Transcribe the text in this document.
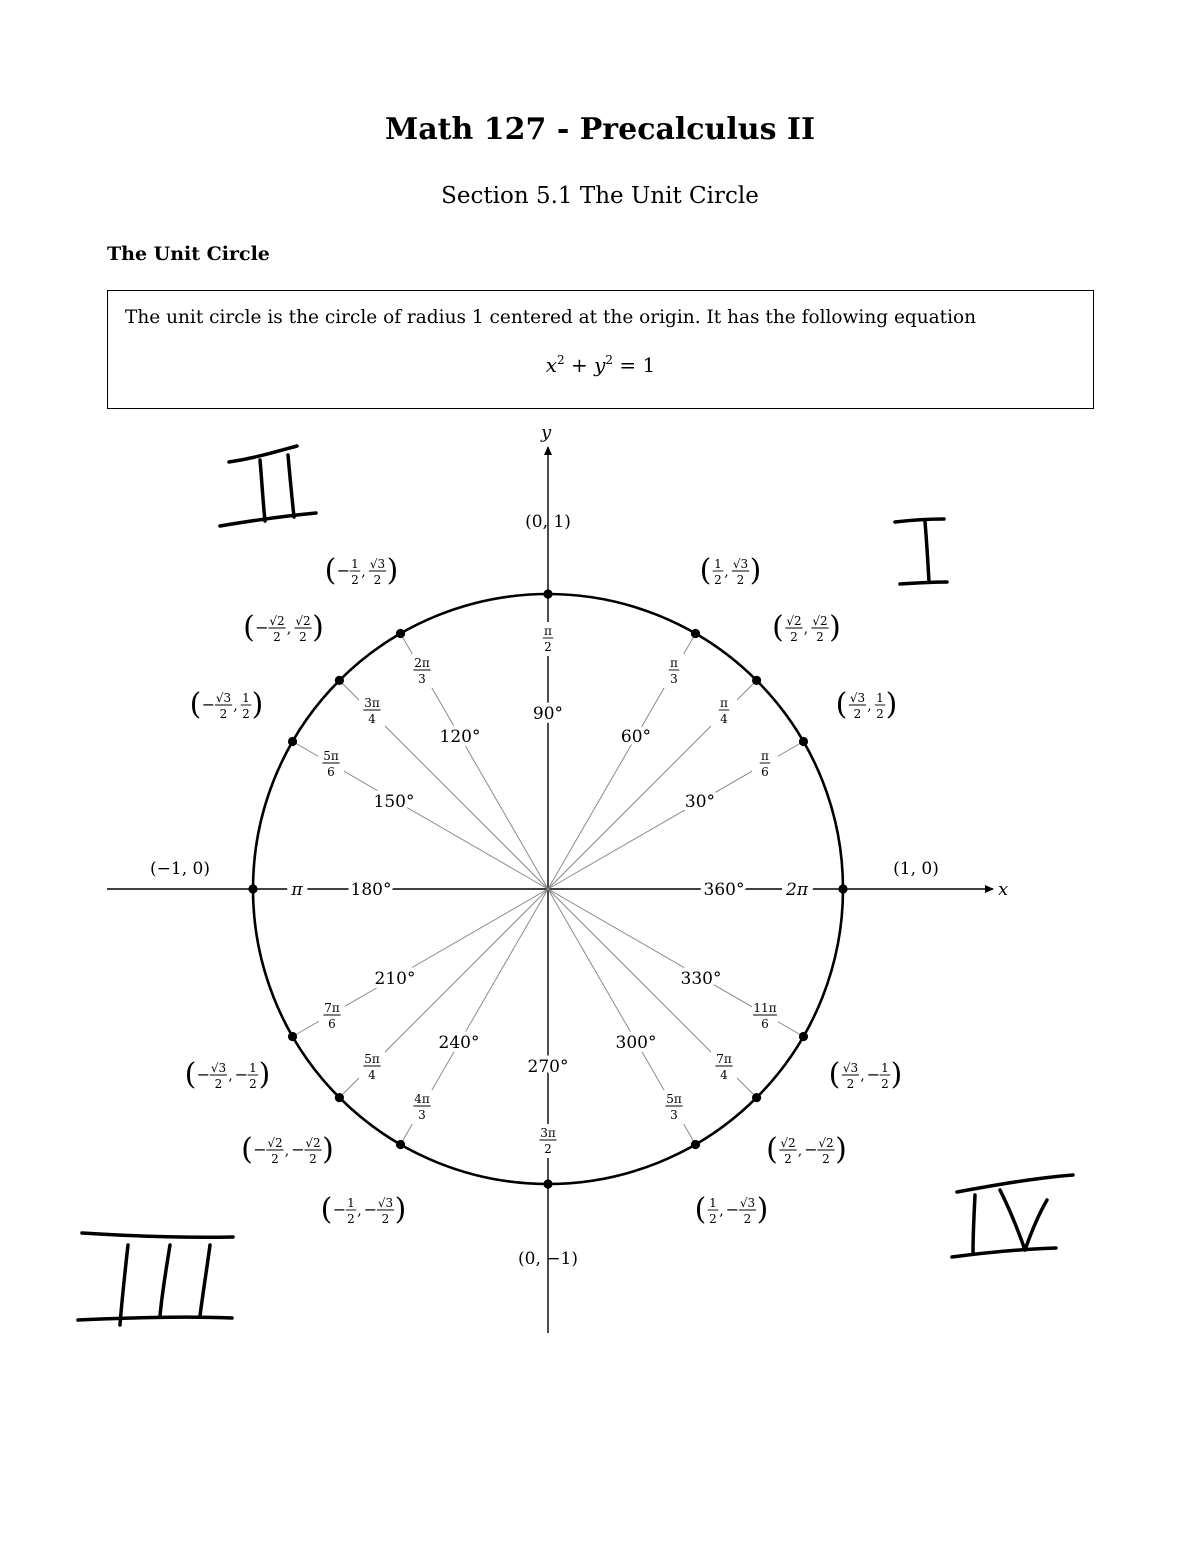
Math 127 - Precalculus II
Section 5.1 The Unit Circle
The Unit Circle
The unit circle is the circle of radius 1 centered at the origin. It has the following equation
$x^2 + y^2 = 1$
x
y
360° 2π
(1, 0)
30°
π
6
( √3
2 , 1
2 )
π
4
( √2
2 , √2
2 )
60°
π
3
( 1
2 , √3
2 )
90°
π
2
(0, 1)
120°
2π
3
( − 1
2 , √3
2 )
3π
4
( − √2
2 , √2
2 )
150°
5π
6
( − √3
2 , 1
2 )
180°
π
(−1, 0)
210°
7π
6
( − √3
2 , − 1
2 )	5π
4
( − √2
2 , − √2
2 )
240°
4π
3
( − 1
2 , − √3
2 )
270°
3π
2
(0, −1)
300°
5π
3
( 1
2 , − √3
2 )
7π
4
( √2
2 , − √2
2 )
330°
11π
6
( √3
2 , − 1
2 )
